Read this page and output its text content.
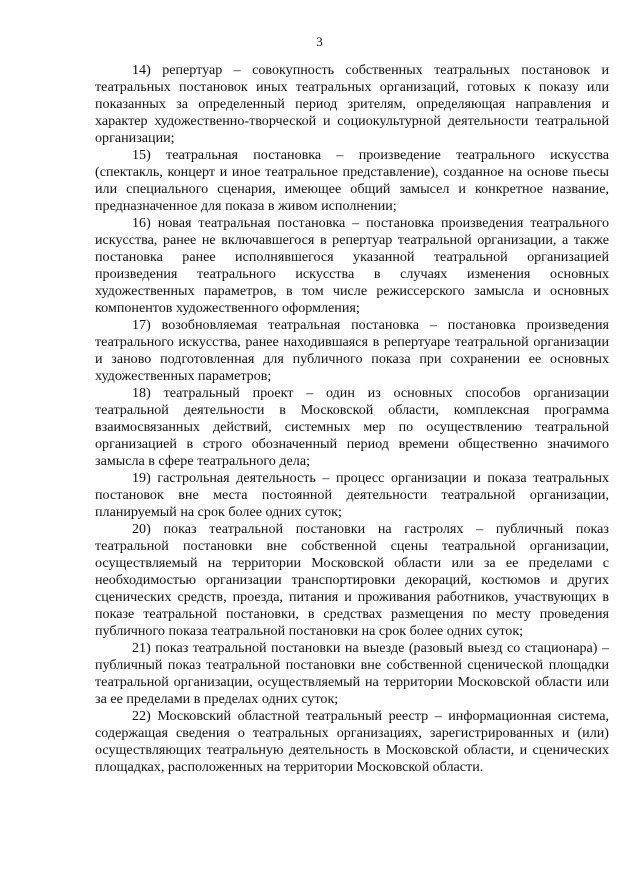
3

14) репертуар – совокупность собственных театральных постановок и театральных постановок иных театральных организаций, готовых к показу или показанных за определенный период зрителям, определяющая направления и характер художественно-творческой и социокультурной деятельности театральной организации;

15) театральная постановка – произведение театрального искусства (спектакль, концерт и иное театральное представление), созданное на основе пьесы или специального сценария, имеющее общий замысел и конкретное название, предназначенное для показа в живом исполнении;

16) новая театральная постановка – постановка произведения театрального искусства, ранее не включавшегося в репертуар театральной организации, а также постановка ранее исполнявшегося указанной театральной организацией произведения театрального искусства в случаях изменения основных художественных параметров, в том числе режиссерского замысла и основных компонентов художественного оформления;

17) возобновляемая театральная постановка – постановка произведения театрального искусства, ранее находившаяся в репертуаре театральной организации и заново подготовленная для публичного показа при сохранении ее основных художественных параметров;

18) театральный проект – один из основных способов организации театральной деятельности в Московской области, комплексная программа взаимосвязанных действий, системных мер по осуществлению театральной организацией в строго обозначенный период времени общественно значимого замысла в сфере театрального дела;

19) гастрольная деятельность – процесс организации и показа театральных постановок вне места постоянной деятельности театральной организации, планируемый на срок более одних суток;

20) показ театральной постановки на гастролях – публичный показ театральной постановки вне собственной сцены театральной организации, осуществляемый на территории Московской области или за ее пределами с необходимостью организации транспортировки декораций, костюмов и других сценических средств, проезда, питания и проживания работников, участвующих в показе театральной постановки, в средствах размещения по месту проведения публичного показа театральной постановки на срок более одних суток;

21) показ театральной постановки на выезде (разовый выезд со стационара) – публичный показ театральной постановки вне собственной сценической площадки театральной организации, осуществляемый на территории Московской области или за ее пределами в пределах одних суток;

22) Московский областной театральный реестр – информационная система, содержащая сведения о театральных организациях, зарегистрированных и (или) осуществляющих театральную деятельность в Московской области, и сценических площадках, расположенных на территории Московской области.
